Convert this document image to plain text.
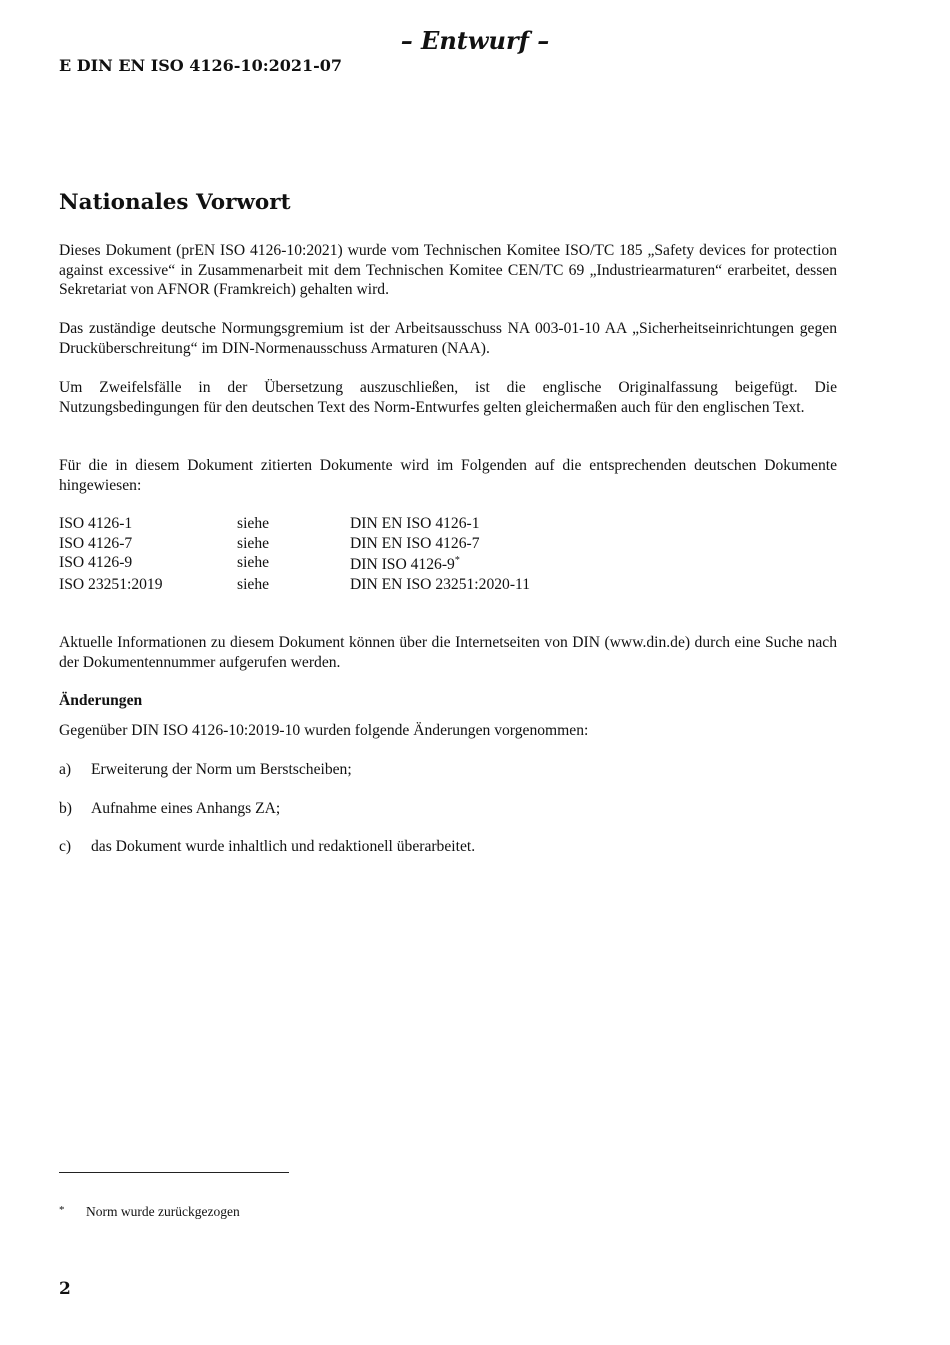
– Entwurf –
E DIN EN ISO 4126-10:2021-07
Nationales Vorwort

Dieses Dokument (prEN ISO 4126-10:2021) wurde vom Technischen Komitee ISO/TC 185 „Safety devices for protection against excessive“ in Zusammenarbeit mit dem Technischen Komitee CEN/TC 69 „Industriearmaturen“ erarbeitet, dessen Sekretariat von AFNOR (Framkreich) gehalten wird.

Das zuständige deutsche Normungsgremium ist der Arbeitsausschuss NA 003-01-10 AA „Sicherheitseinrichtungen gegen Drucküberschreitung“ im DIN-Normenausschuss Armaturen (NAA).

Um Zweifelsfälle in der Übersetzung auszuschließen, ist die englische Originalfassung beigefügt. Die Nutzungsbedingungen für den deutschen Text des Norm-Entwurfes gelten gleichermaßen auch für den englischen Text.

Für die in diesem Dokument zitierten Dokumente wird im Folgenden auf die entsprechenden deutschen Dokumente hingewiesen:

ISO 4126-1	siehe	DIN EN ISO 4126-1
ISO 4126-7	siehe	DIN EN ISO 4126-7
ISO 4126-9	siehe	DIN ISO 4126-9*
ISO 23251:2019	siehe	DIN EN ISO 23251:2020-11

Aktuelle Informationen zu diesem Dokument können über die Internetseiten von DIN (www.din.de) durch eine Suche nach der Dokumentennummer aufgerufen werden.

Änderungen
Gegenüber DIN ISO 4126-10:2019-10 wurden folgende Änderungen vorgenommen:
a) Erweiterung der Norm um Berstscheiben;
b) Aufnahme eines Anhangs ZA;
c) das Dokument wurde inhaltlich und redaktionell überarbeitet.
* Norm wurde zurückgezogen
2
